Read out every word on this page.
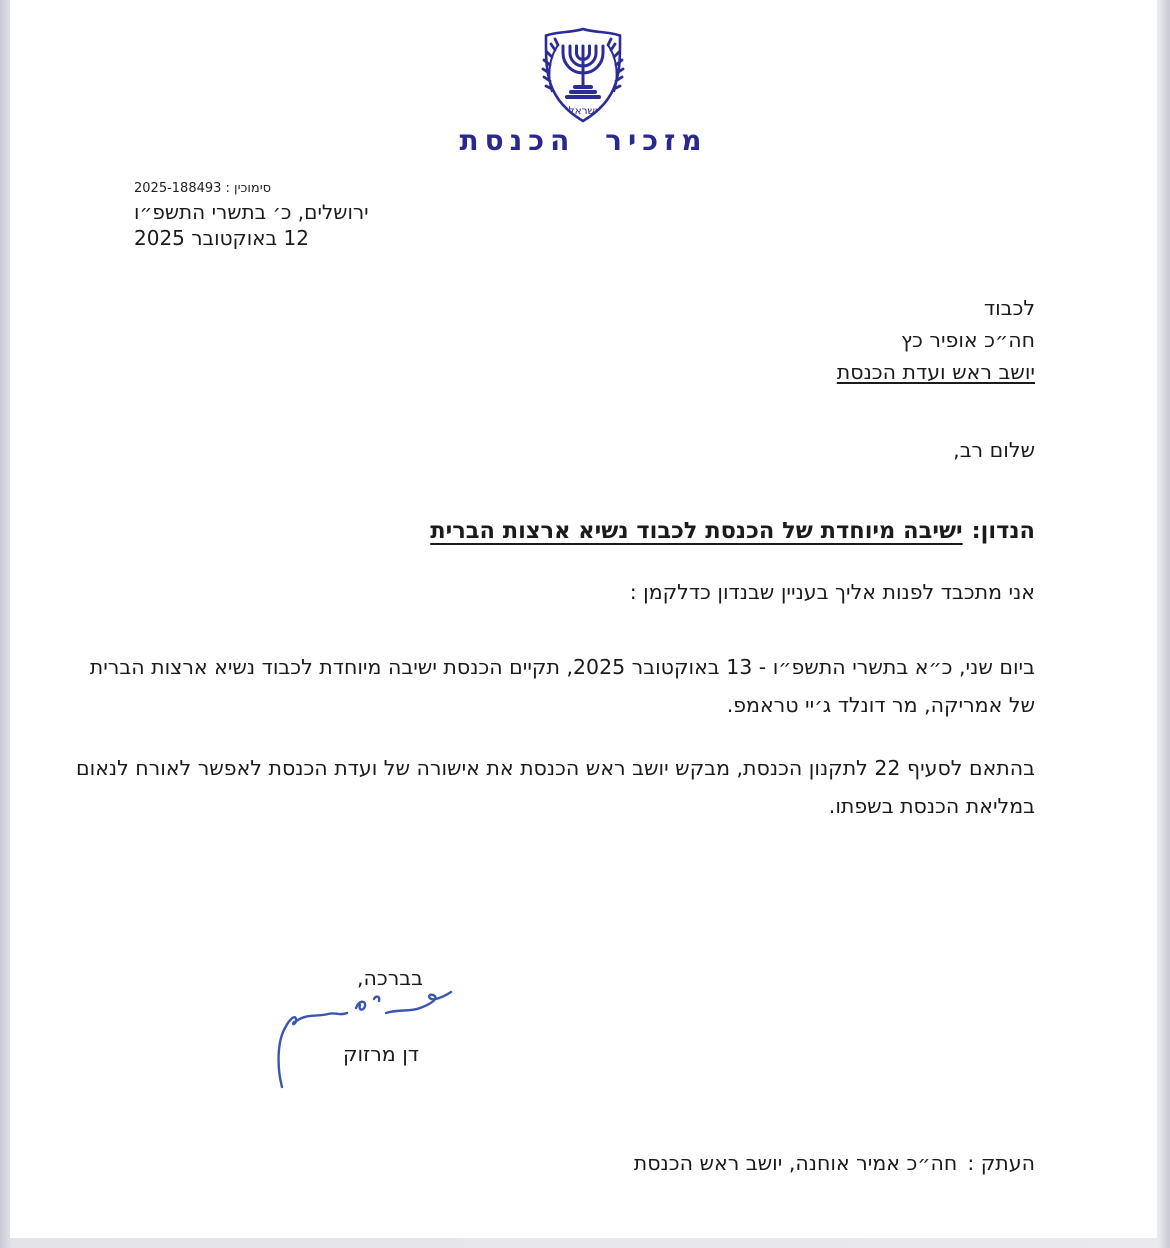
ישראל
מזכיר הכנסת
סימוכין : 2025-188493
ירושלים, כ׳ בתשרי התשפ״ו
12 באוקטובר 2025
לכבוד
חה״כ אופיר כץ
יושב ראש ועדת הכנסת
שלום רב,
הנדון:ישיבה מיוחדת של הכנסת לכבוד נשיא ארצות הברית
אני מתכבד לפנות אליך בעניין שבנדון כדלקמן :
ביום שני, כ״א בתשרי התשפ״ו - 13 באוקטובר 2025, תקיים הכנסת ישיבה מיוחדת לכבוד נשיא ארצות הברית
של אמריקה, מר דונלד ג׳יי טראמפ.
בהתאם לסעיף 22 לתקנון הכנסת, מבקש יושב ראש הכנסת את אישורה של ועדת הכנסת לאפשר לאורח לנאום
במליאת הכנסת בשפתו.
בברכה,
דן מרזוק
העתק :חה״כ אמיר אוחנה, יושב ראש הכנסת
